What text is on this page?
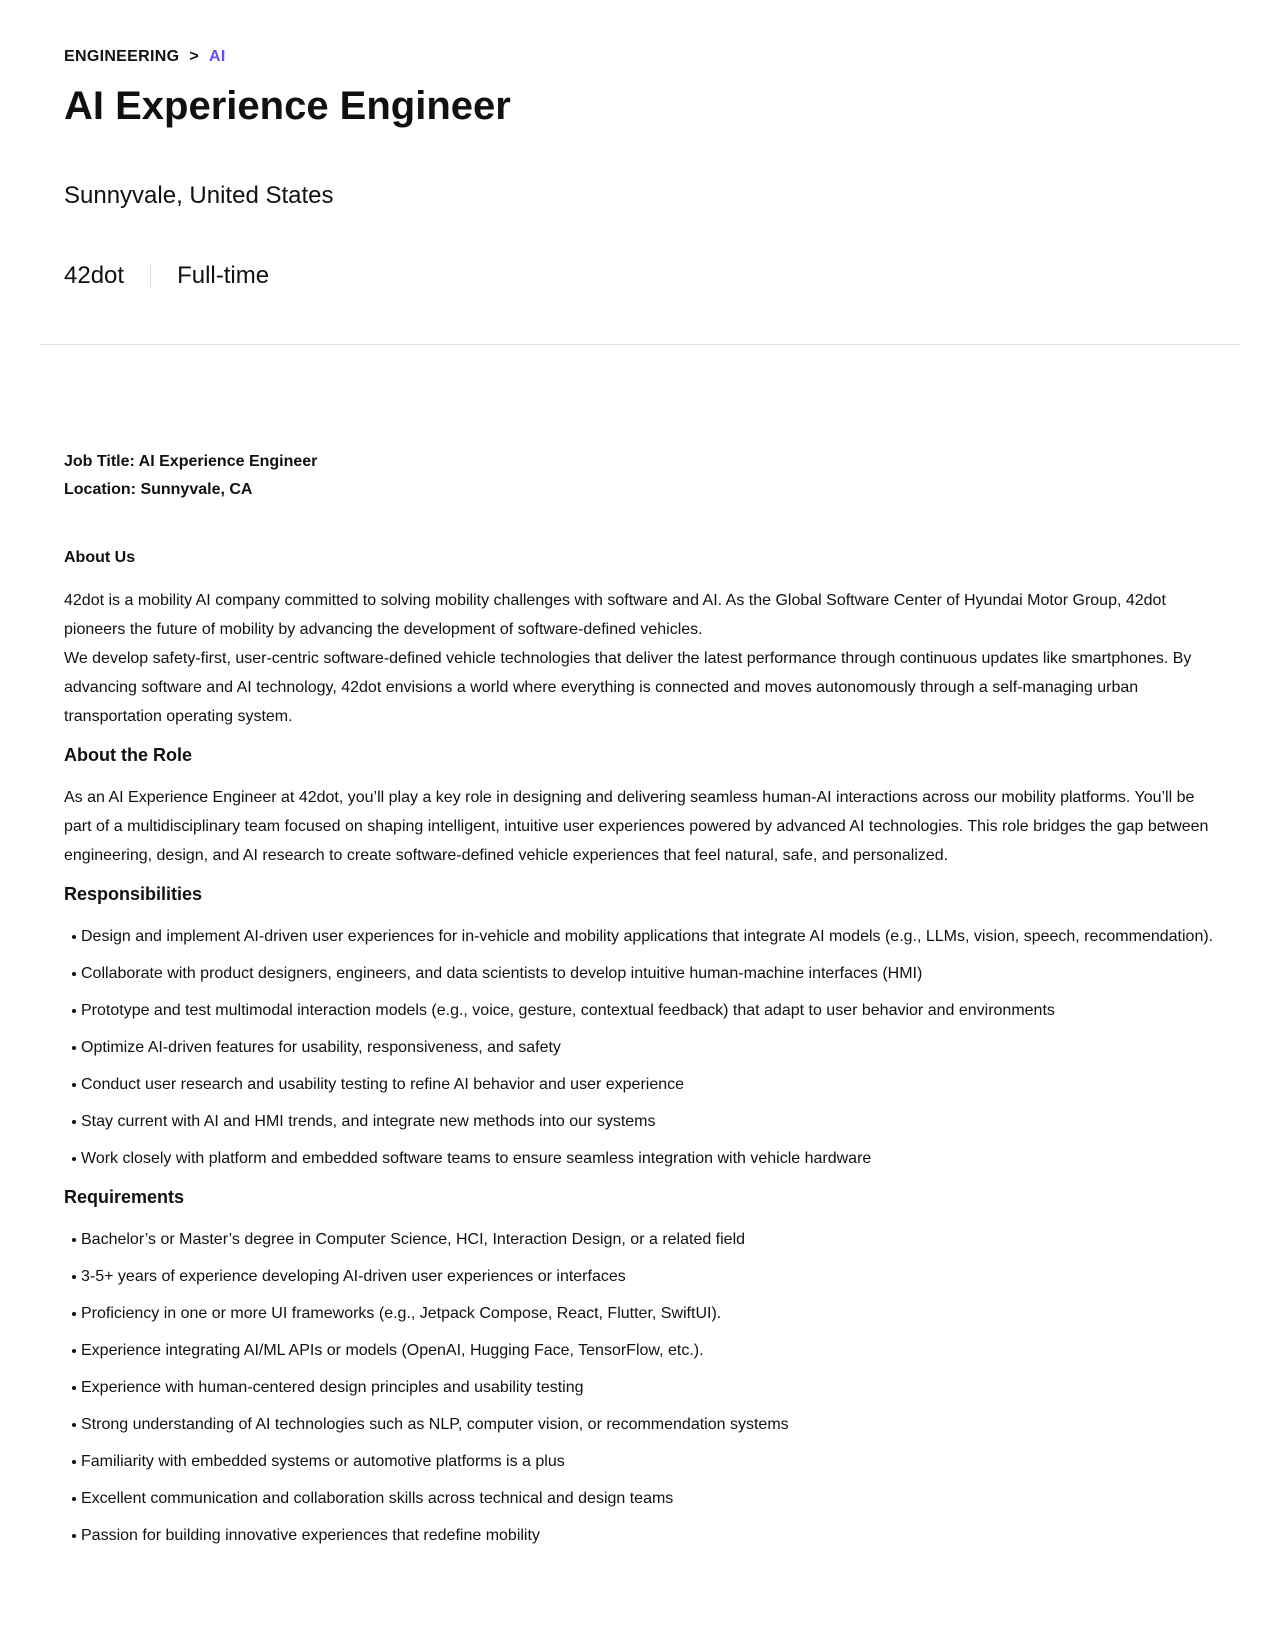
ENGINEERING > AI
AI Experience Engineer
Sunnyvale, United States
42dot Full-time

Job Title: AI Experience Engineer

Location: Sunnyvale, CA

About Us

42dot is a mobility AI company committed to solving mobility challenges with software and AI. As the Global Software Center of Hyundai Motor Group, 42dot pioneers the future of mobility by advancing the development of software-defined vehicles.

We develop safety-first, user-centric software-defined vehicle technologies that deliver the latest performance through continuous updates like smartphones. By advancing software and AI technology, 42dot envisions a world where everything is connected and moves autonomously through a self-managing urban transportation operating system.

About the Role

As an AI Experience Engineer at 42dot, you’ll play a key role in designing and delivering seamless human-AI interactions across our mobility platforms. You’ll be part of a multidisciplinary team focused on shaping intelligent, intuitive user experiences powered by advanced AI technologies. This role bridges the gap between engineering, design, and AI research to create software-defined vehicle experiences that feel natural, safe, and personalized.

Responsibilities
Design and implement AI-driven user experiences for in-vehicle and mobility applications that integrate AI models (e.g., LLMs, vision, speech, recommendation).
Collaborate with product designers, engineers, and data scientists to develop intuitive human-machine interfaces (HMI)
Prototype and test multimodal interaction models (e.g., voice, gesture, contextual feedback) that adapt to user behavior and environments
Optimize AI-driven features for usability, responsiveness, and safety
Conduct user research and usability testing to refine AI behavior and user experience
Stay current with AI and HMI trends, and integrate new methods into our systems
Work closely with platform and embedded software teams to ensure seamless integration with vehicle hardware
Requirements
Bachelor’s or Master’s degree in Computer Science, HCI, Interaction Design, or a related field
3-5+ years of experience developing AI-driven user experiences or interfaces
Proficiency in one or more UI frameworks (e.g., Jetpack Compose, React, Flutter, SwiftUI).
Experience integrating AI/ML APIs or models (OpenAI, Hugging Face, TensorFlow, etc.).
Experience with human-centered design principles and usability testing
Strong understanding of AI technologies such as NLP, computer vision, or recommendation systems
Familiarity with embedded systems or automotive platforms is a plus
Excellent communication and collaboration skills across technical and design teams
Passion for building innovative experiences that redefine mobility
